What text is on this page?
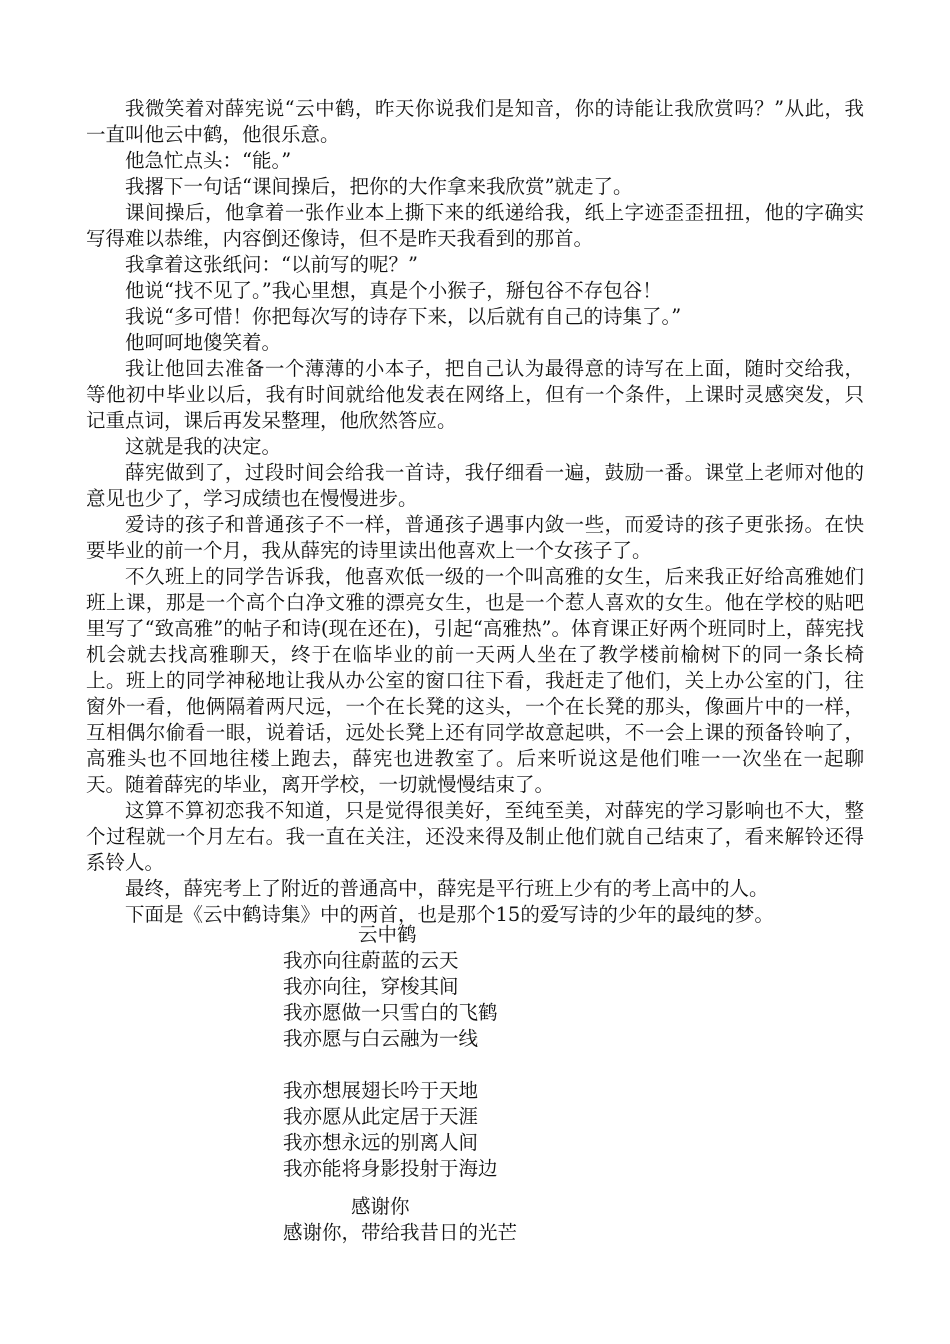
我微笑着对薛宪说“云中鹤，昨天你说我们是知音，你的诗能让我欣赏吗？”从此，我一直叫他云中鹤，他很乐意。

他急忙点头：“能。”

我撂下一句话“课间操后，把你的大作拿来我欣赏”就走了。

课间操后，他拿着一张作业本上撕下来的纸递给我，纸上字迹歪歪扭扭，他的字确实写得难以恭维，内容倒还像诗，但不是昨天我看到的那首。

我拿着这张纸问：“以前写的呢？”

他说“找不见了。”我心里想，真是个小猴子，掰包谷不存包谷！

我说“多可惜！你把每次写的诗存下来，以后就有自己的诗集了。”

他呵呵地傻笑着。

我让他回去准备一个薄薄的小本子，把自己认为最得意的诗写在上面，随时交给我，等他初中毕业以后，我有时间就给他发表在网络上，但有一个条件，上课时灵感突发，只记重点词，课后再发呆整理，他欣然答应。

这就是我的决定。

薛宪做到了，过段时间会给我一首诗，我仔细看一遍，鼓励一番。课堂上老师对他的意见也少了，学习成绩也在慢慢进步。

爱诗的孩子和普通孩子不一样，普通孩子遇事内敛一些，而爱诗的孩子更张扬。在快要毕业的前一个月，我从薛宪的诗里读出他喜欢上一个女孩子了。

不久班上的同学告诉我，他喜欢低一级的一个叫高雅的女生，后来我正好给高雅她们班上课，那是一个高个白净文雅的漂亮女生，也是一个惹人喜欢的女生。他在学校的贴吧里写了“致高雅”的帖子和诗(现在还在)，引起“高雅热”。体育课正好两个班同时上，薛宪找机会就去找高雅聊天，终于在临毕业的前一天两人坐在了教学楼前榆树下的同一条长椅上。班上的同学神秘地让我从办公室的窗口往下看，我赶走了他们，关上办公室的门，往窗外一看，他俩隔着两尺远，一个在长凳的这头，一个在长凳的那头，像画片中的一样，互相偶尔偷看一眼，说着话，远处长凳上还有同学故意起哄，不一会上课的预备铃响了，高雅头也不回地往楼上跑去，薛宪也进教室了。后来听说这是他们唯一一次坐在一起聊天。随着薛宪的毕业，离开学校，一切就慢慢结束了。

这算不算初恋我不知道，只是觉得很美好，至纯至美，对薛宪的学习影响也不大，整个过程就一个月左右。我一直在关注，还没来得及制止他们就自己结束了，看来解铃还得系铃人。

最终，薛宪考上了附近的普通高中，薛宪是平行班上少有的考上高中的人。

下面是《云中鹤诗集》中的两首，也是那个15的爱写诗的少年的最纯的梦。

云中鹤

我亦向往蔚蓝的云天

我亦向往，穿梭其间

我亦愿做一只雪白的飞鹤

我亦愿与白云融为一线

我亦想展翅长吟于天地

我亦愿从此定居于天涯

我亦想永远的别离人间

我亦能将身影投射于海边

感谢你

感谢你，带给我昔日的光芒
